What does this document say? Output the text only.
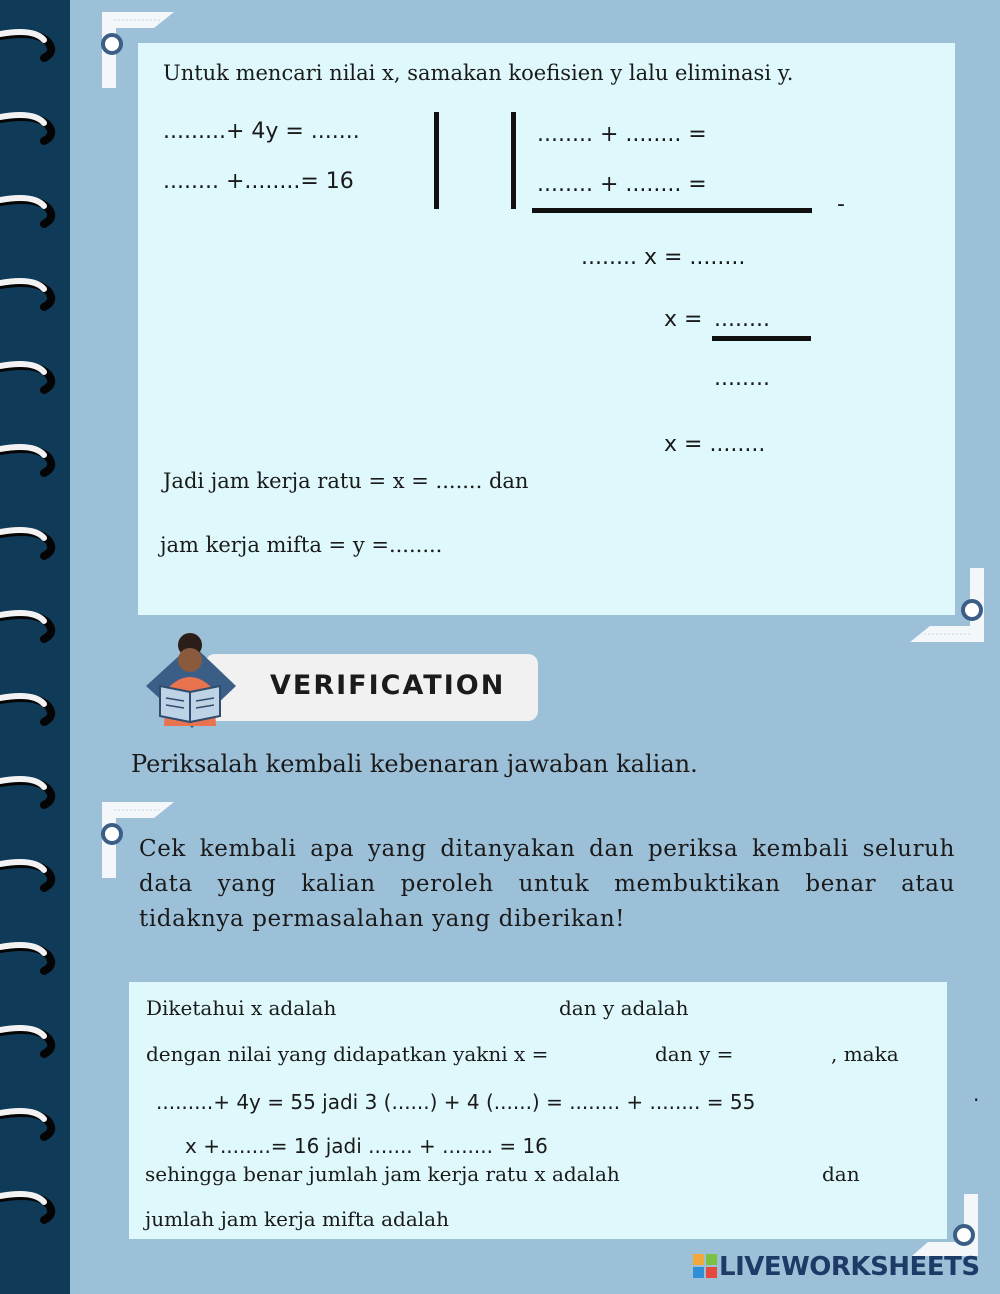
Untuk mencari nilai x, samakan koefisien y lalu eliminasi y.
.........+ 4y = .......
........ +........= 16
........ + ........ =
........ + ........ =
-
........ x = ........
x = ........
........
x = ........
Jadi jam kerja ratu = x = ....... dan
jam kerja mifta = y =........
VERIFICATION
Periksalah kembali kebenaran jawaban kalian.
Cek kembali apa yang ditanyakan dan periksa kembali seluruh
data yang kalian peroleh untuk membuktikan benar atau
tidaknya permasalahan yang diberikan!
Diketahui x adalah	dan y adalah
dengan nilai yang didapatkan yakni x =	dan y =	, maka
.........+ 4y = 55 jadi 3 (......) + 4 (......) = ........ + ........ = 55	.
x +........= 16 jadi ....... + ........ = 16
sehingga benar jumlah jam kerja ratu x adalah	dan
jumlah jam kerja mifta adalah
LIVEWORKSHEETS
